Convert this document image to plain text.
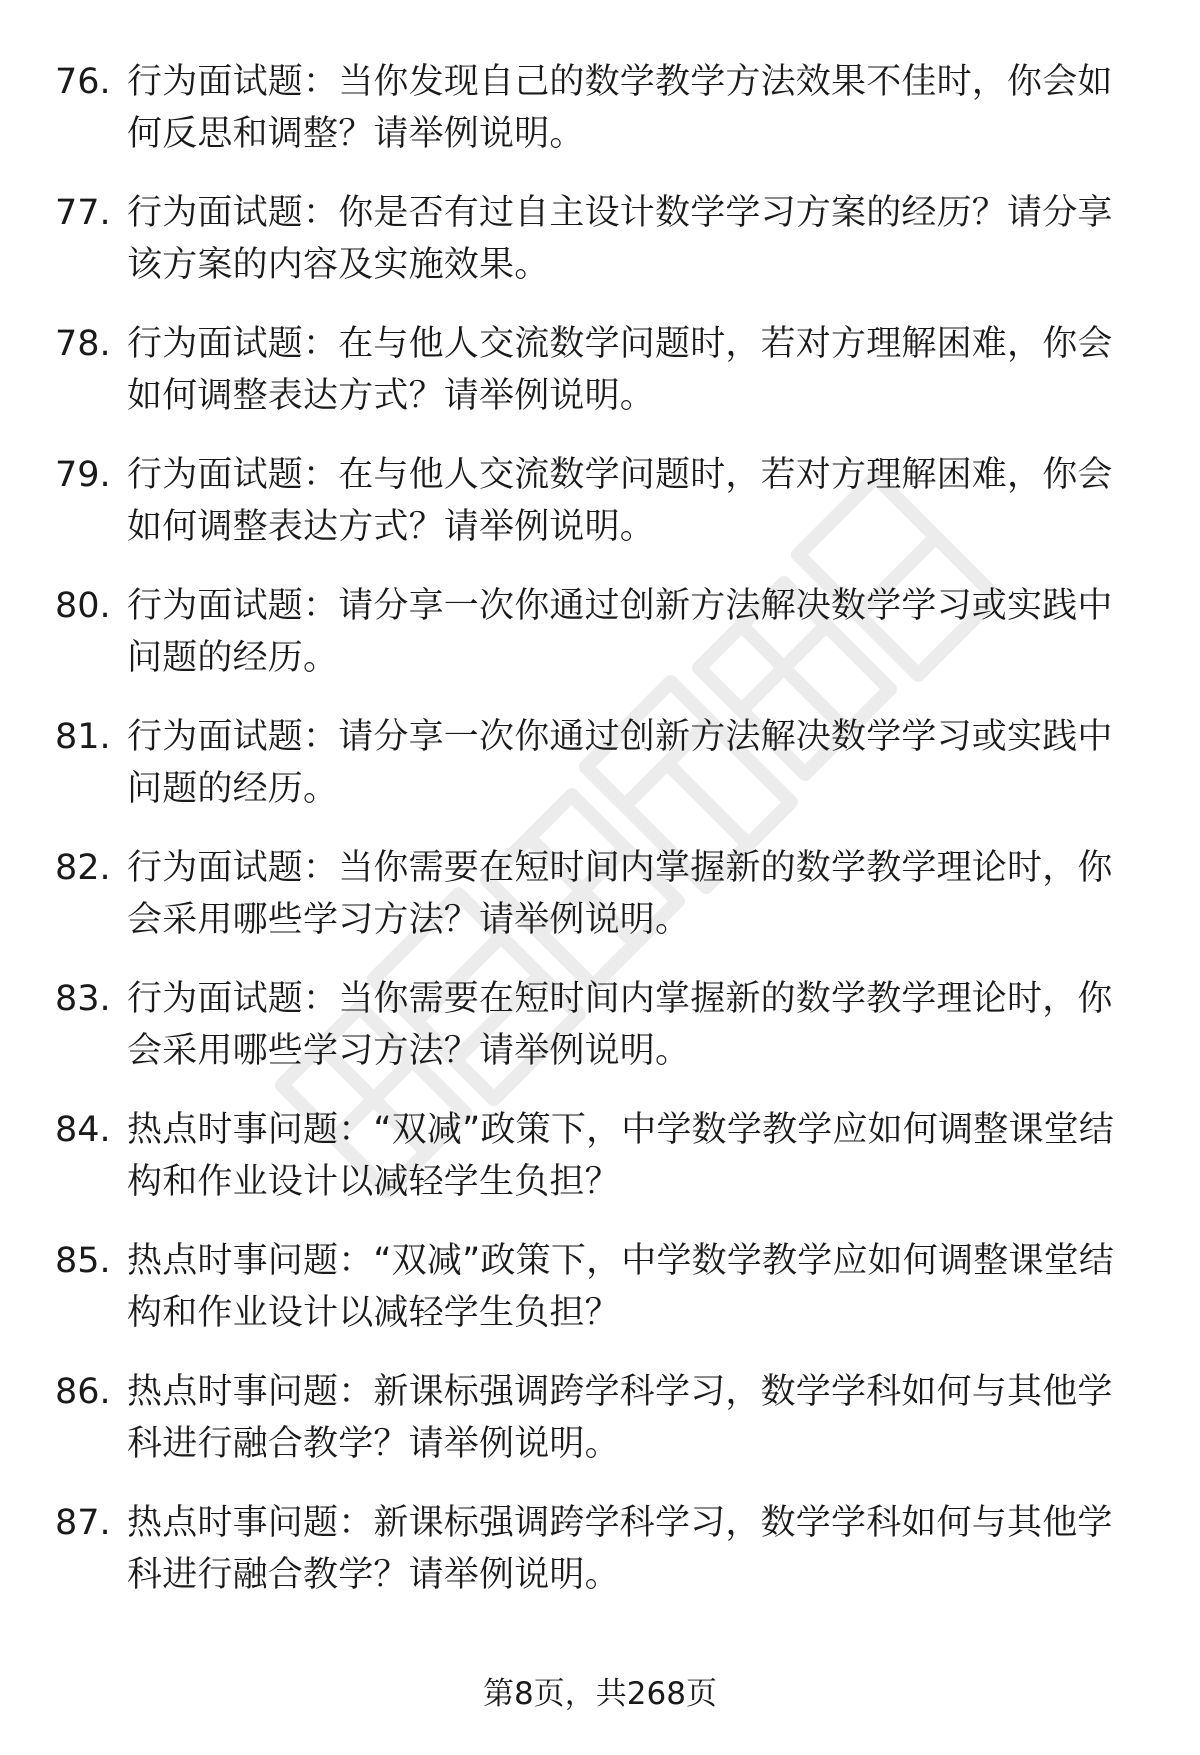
76. 行为面试题：当你发现自己的数学教学方法效果不佳时，你会如何反思和调整？请举例说明。
77. 行为面试题：你是否有过自主设计数学学习方案的经历？请分享该方案的内容及实施效果。
78. 行为面试题：在与他人交流数学问题时，若对方理解困难，你会如何调整表达方式？请举例说明。
79. 行为面试题：在与他人交流数学问题时，若对方理解困难，你会如何调整表达方式？请举例说明。
80. 行为面试题：请分享一次你通过创新方法解决数学学习或实践中问题的经历。
81. 行为面试题：请分享一次你通过创新方法解决数学学习或实践中问题的经历。
82. 行为面试题：当你需要在短时间内掌握新的数学教学理论时，你会采用哪些学习方法？请举例说明。
83. 行为面试题：当你需要在短时间内掌握新的数学教学理论时，你会采用哪些学习方法？请举例说明。
84. 热点时事问题：“双减”政策下，中学数学教学应如何调整课堂结构和作业设计以减轻学生负担？
85. 热点时事问题：“双减”政策下，中学数学教学应如何调整课堂结构和作业设计以减轻学生负担？
86. 热点时事问题：新课标强调跨学科学习，数学学科如何与其他学科进行融合教学？请举例说明。
87. 热点时事问题：新课标强调跨学科学习，数学学科如何与其他学科进行融合教学？请举例说明。
第8页，共268页
